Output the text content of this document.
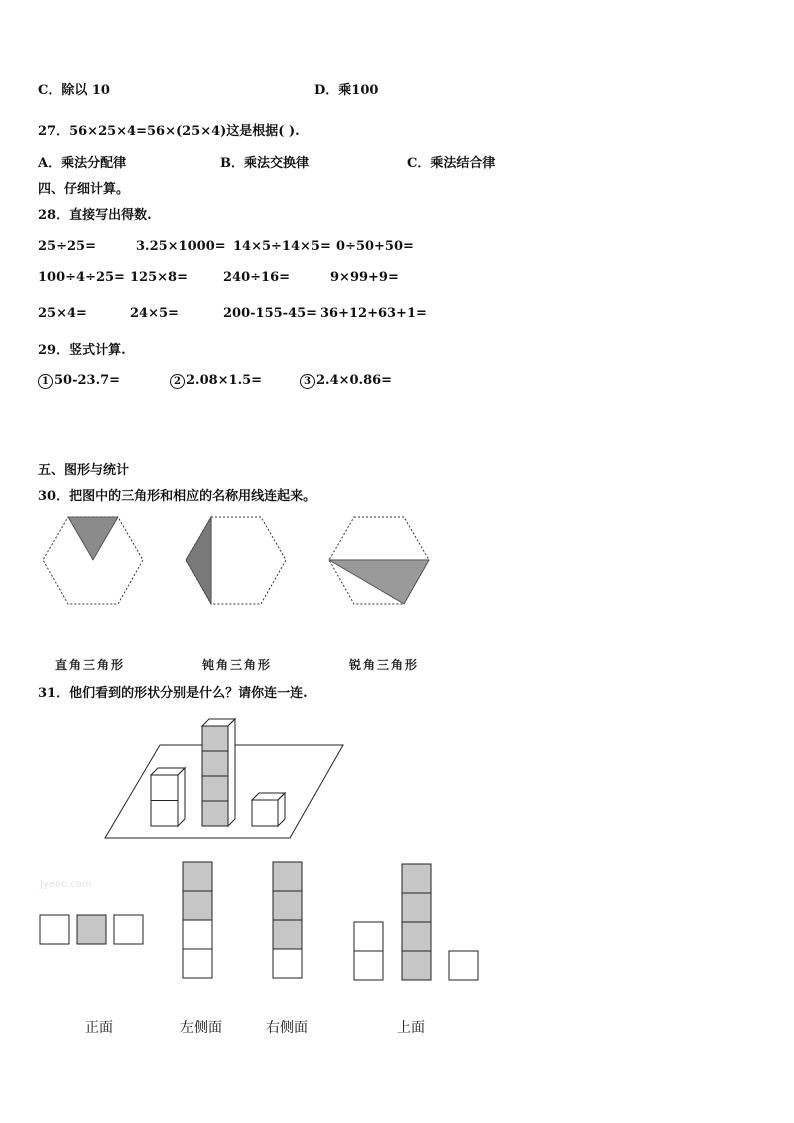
C．除以 10	D．乘100
27．56×25×4=56×(25×4)这是根据( ).
A．乘法分配律	B．乘法交换律	C．乘法结合律
四、仔细计算。
28．直接写出得数.
25÷25=	3.25×1000= 14×5÷14×5= 0÷50+50=
100÷4÷25= 125×8=	240÷16=	9×99+9=
25×4=	24×5=	200-155-45= 36+12+63+1=
29．竖式计算.
1 50-23.7=	2 2.08×1.5=	3 2.4×0.86=
五、图形与统计
30．把图中的三角形和相应的名称用线连起来。
直角三角形	钝角三角形	锐角三角形
31．他们看到的形状分别是什么？请你连一连.
Jyeoo.com
正面	左侧面	右侧面	上面
